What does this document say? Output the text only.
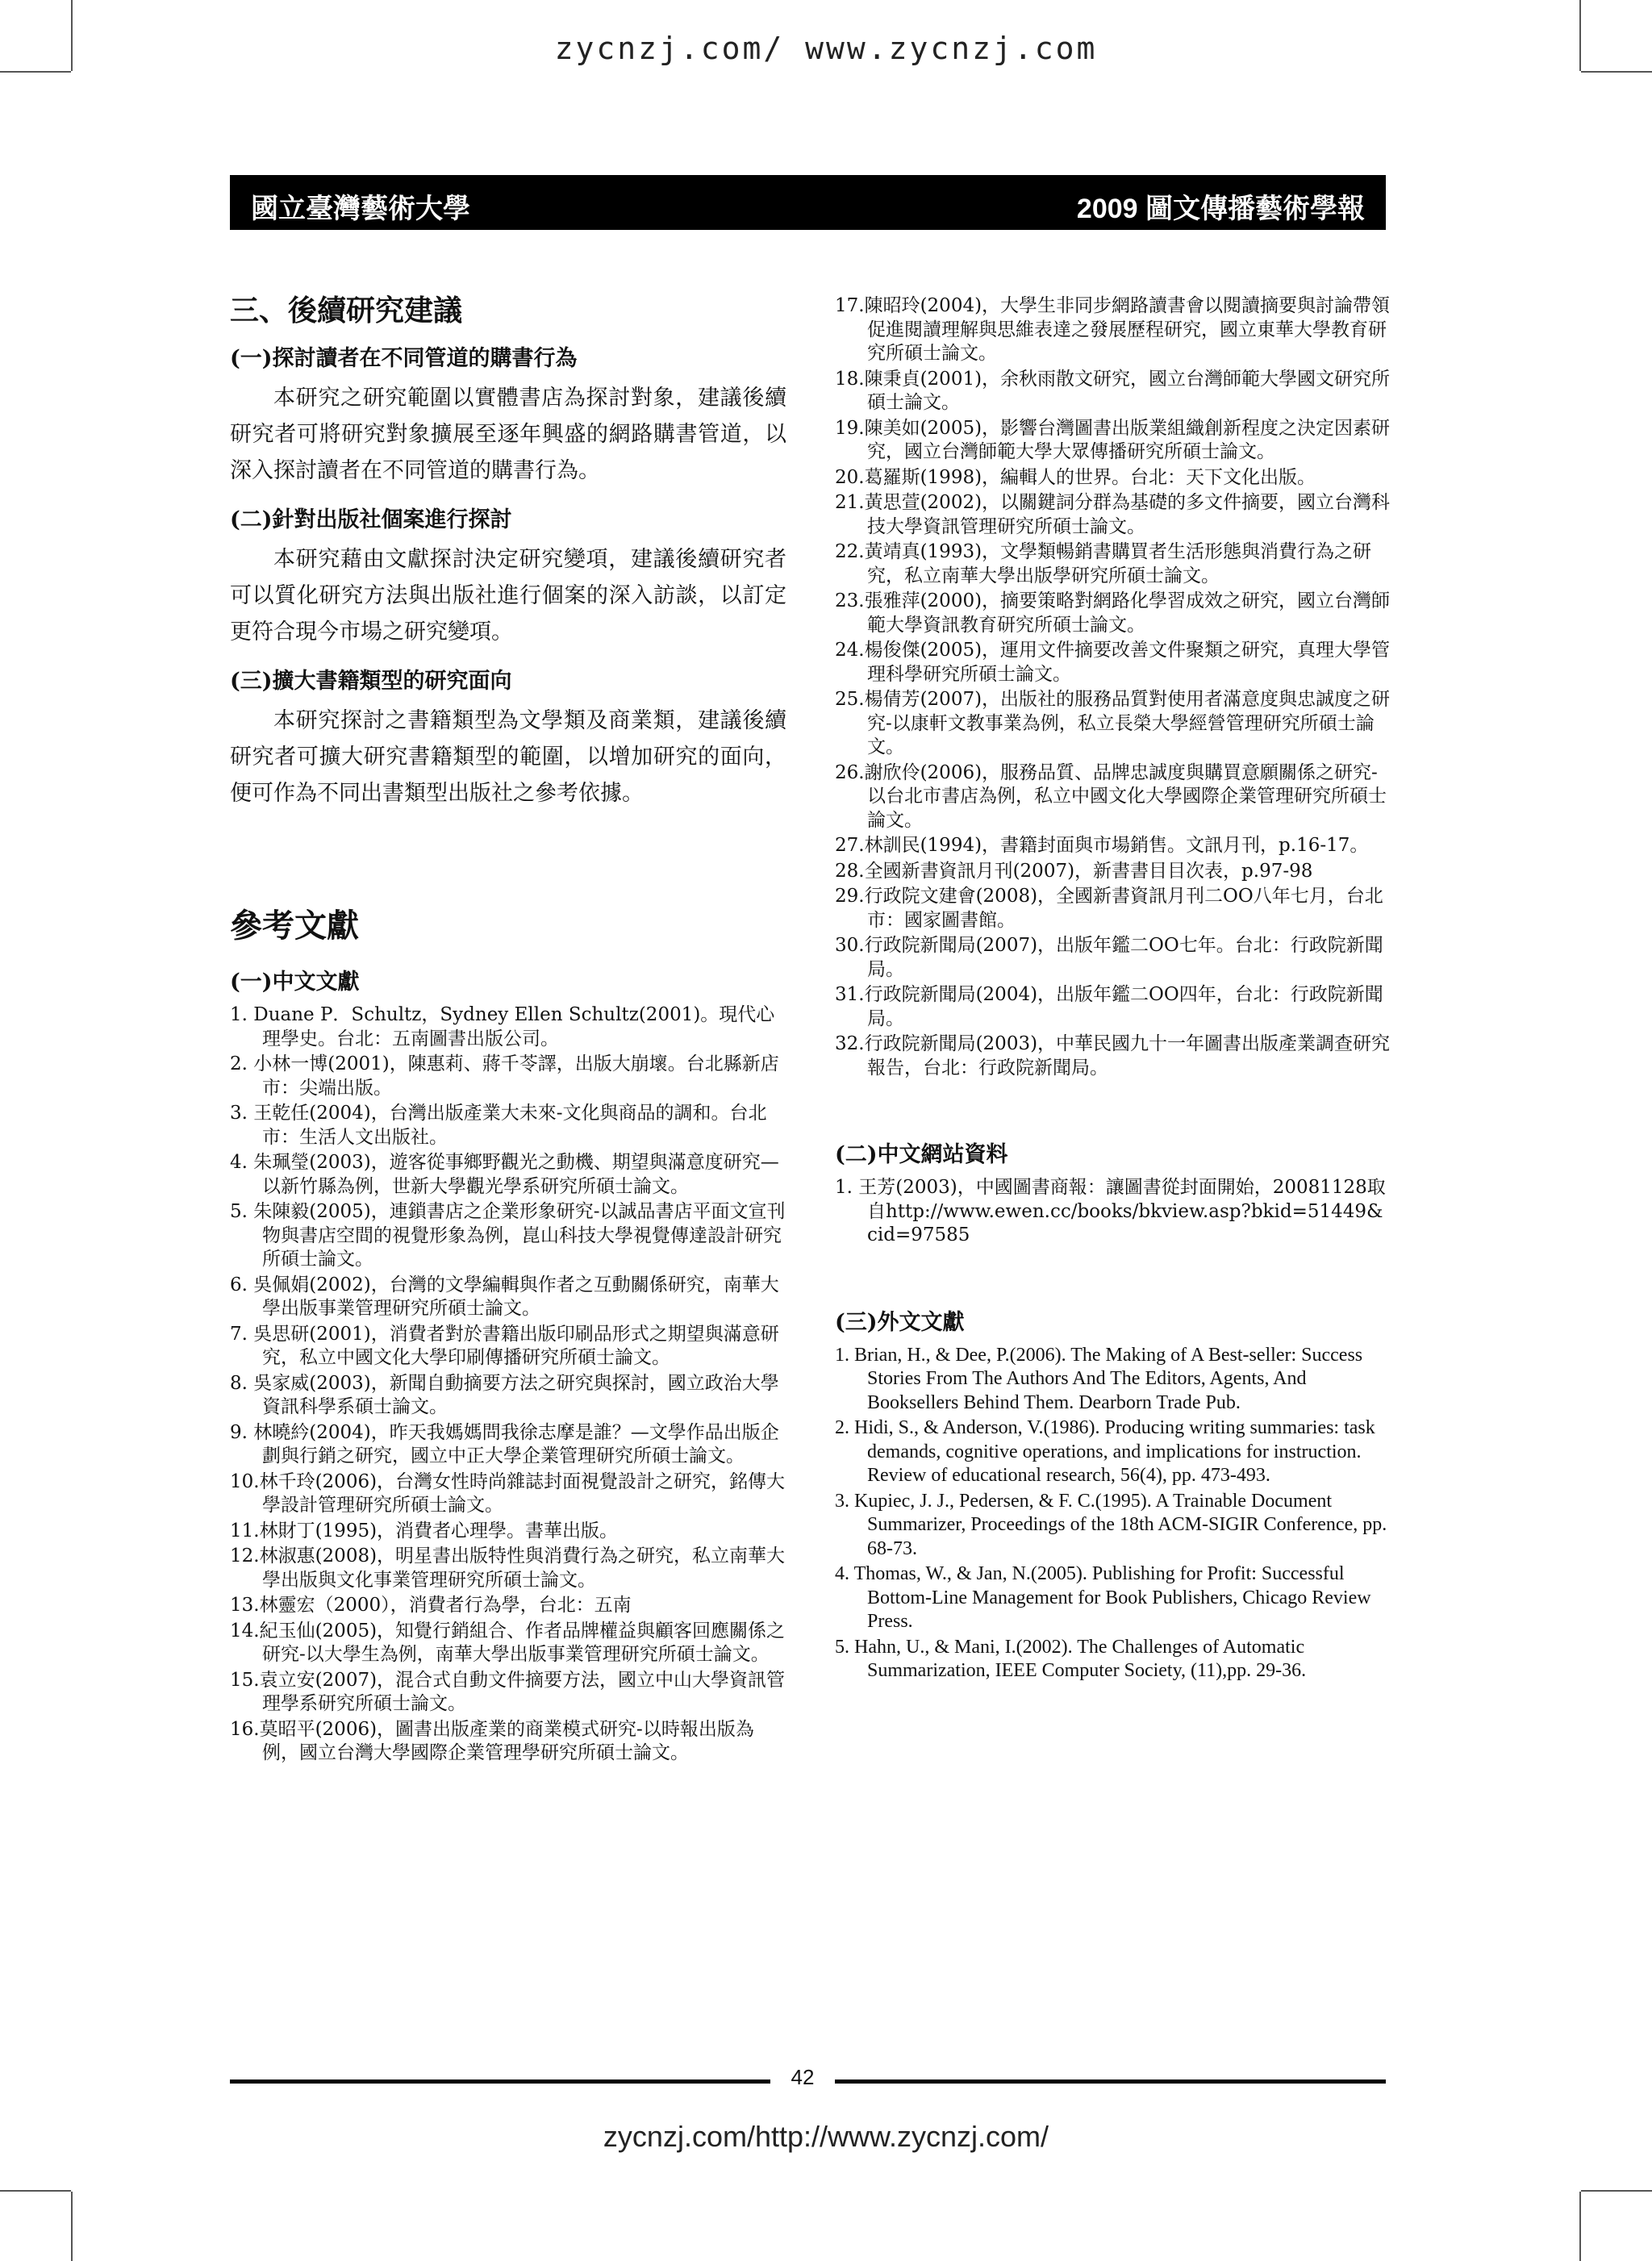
zycnzj.com/ www.zycnzj.com
國立臺灣藝術大學	2009 圖文傳播藝術學報
三、後續研究建議
(一)探討讀者在不同管道的購書行為

本研究之研究範圍以實體書店為探討對象，建議後續研究者可將研究對象擴展至逐年興盛的網路購書管道，以深入探討讀者在不同管道的購書行為。

(二)針對出版社個案進行探討

本研究藉由文獻探討決定研究變項，建議後續研究者可以質化研究方法與出版社進行個案的深入訪談，以訂定更符合現今市場之研究變項。

(三)擴大書籍類型的研究面向

本研究探討之書籍類型為文學類及商業類，建議後續研究者可擴大研究書籍類型的範圍，以增加研究的面向，便可作為不同出書類型出版社之參考依據。

參考文獻
(一)中文文獻
1. Duane P．Schultz，Sydney Ellen Schultz(2001)。現代心理學史。台北：五南圖書出版公司。
2. 小林一博(2001)，陳惠莉、蔣千苓譯，出版大崩壞。台北縣新店市：尖端出版。
3. 王乾任(2004)，台灣出版產業大未來-文化與商品的調和。台北市：生活人文出版社。
4. 朱珮瑩(2003)，遊客從事鄉野觀光之動機、期望與滿意度研究—以新竹縣為例，世新大學觀光學系研究所碩士論文。
5. 朱陳毅(2005)，連鎖書店之企業形象研究-以誠品書店平面文宣刊物與書店空間的視覺形象為例，崑山科技大學視覺傳達設計研究所碩士論文。
6. 吳佩娟(2002)，台灣的文學編輯與作者之互動關係研究，南華大學出版事業管理研究所碩士論文。
7. 吳思研(2001)，消費者對於書籍出版印刷品形式之期望與滿意研究，私立中國文化大學印刷傳播研究所碩士論文。
8. 吳家威(2003)，新聞自動摘要方法之研究與探討，國立政治大學資訊科學系碩士論文。
9. 林曉紟(2004)，昨天我媽媽問我徐志摩是誰？—文學作品出版企劃與行銷之研究，國立中正大學企業管理研究所碩士論文。
10.林千玲(2006)，台灣女性時尚雜誌封面視覺設計之研究，銘傳大學設計管理研究所碩士論文。
11.林財丁(1995)，消費者心理學。書華出版。
12.林淑惠(2008)，明星書出版特性與消費行為之研究，私立南華大學出版與文化事業管理研究所碩士論文。
13.林靈宏（2000），消費者行為學，台北：五南
14.紀玉仙(2005)，知覺行銷組合、作者品牌權益與顧客回應關係之研究-以大學生為例，南華大學出版事業管理研究所碩士論文。
15.袁立安(2007)，混合式自動文件摘要方法，國立中山大學資訊管理學系研究所碩士論文。
16.莫昭平(2006)，圖書出版產業的商業模式研究-以時報出版為例，國立台灣大學國際企業管理學研究所碩士論文。
17.陳昭玲(2004)，大學生非同步網路讀書會以閱讀摘要與討論帶領促進閱讀理解與思維表達之發展歷程研究，國立東華大學教育研究所碩士論文。
18.陳秉貞(2001)，余秋雨散文研究，國立台灣師範大學國文研究所碩士論文。
19.陳美如(2005)，影響台灣圖書出版業組織創新程度之決定因素研究，國立台灣師範大學大眾傳播研究所碩士論文。
20.葛羅斯(1998)，編輯人的世界。台北：天下文化出版。
21.黃思萱(2002)，以關鍵詞分群為基礎的多文件摘要，國立台灣科技大學資訊管理研究所碩士論文。
22.黃靖真(1993)，文學類暢銷書購買者生活形態與消費行為之研究，私立南華大學出版學研究所碩士論文。
23.張雅萍(2000)，摘要策略對網路化學習成效之研究，國立台灣師範大學資訊教育研究所碩士論文。
24.楊俊傑(2005)，運用文件摘要改善文件聚類之研究，真理大學管理科學研究所碩士論文。
25.楊倩芳(2007)，出版社的服務品質對使用者滿意度與忠誠度之研究-以康軒文教事業為例，私立長榮大學經營管理研究所碩士論文。
26.謝欣伶(2006)，服務品質、品牌忠誠度與購買意願關係之研究-以台北市書店為例，私立中國文化大學國際企業管理研究所碩士論文。
27.林訓民(1994)，書籍封面與市場銷售。文訊月刊，p.16-17。
28.全國新書資訊月刊(2007)，新書書目目次表，p.97-98
29.行政院文建會(2008)，全國新書資訊月刊二OO八年七月，台北市：國家圖書館。
30.行政院新聞局(2007)，出版年鑑二OO七年。台北：行政院新聞局。
31.行政院新聞局(2004)，出版年鑑二OO四年，台北：行政院新聞局。
32.行政院新聞局(2003)，中華民國九十一年圖書出版產業調查研究報告，台北：行政院新聞局。
(二)中文網站資料
1. 王芳(2003)，中國圖書商報：讓圖書從封面開始，20081128取自http://www.ewen.cc/books/bkview.asp?bkid=51449&cid=97585
(三)外文文獻
1. Brian, H., & Dee, P.(2006). The Making of A Best-seller: Success Stories From The Authors And The Editors, Agents, And Booksellers Behind Them. Dearborn Trade Pub.
2. Hidi, S., & Anderson, V.(1986). Producing writing summaries: task demands, cognitive operations, and implications for instruction. Review of educational research, 56(4), pp. 473-493.
3. Kupiec, J. J., Pedersen, & F. C.(1995). A Trainable Document Summarizer, Proceedings of the 18th ACM-SIGIR Conference, pp. 68-73.
4. Thomas, W., & Jan, N.(2005). Publishing for Profit: Successful Bottom-Line Management for Book Publishers, Chicago Review Press.
5. Hahn, U., & Mani, I.(2002). The Challenges of Automatic Summarization, IEEE Computer Society, (11),pp. 29-36.
42
zycnzj.com/http://www.zycnzj.com/
